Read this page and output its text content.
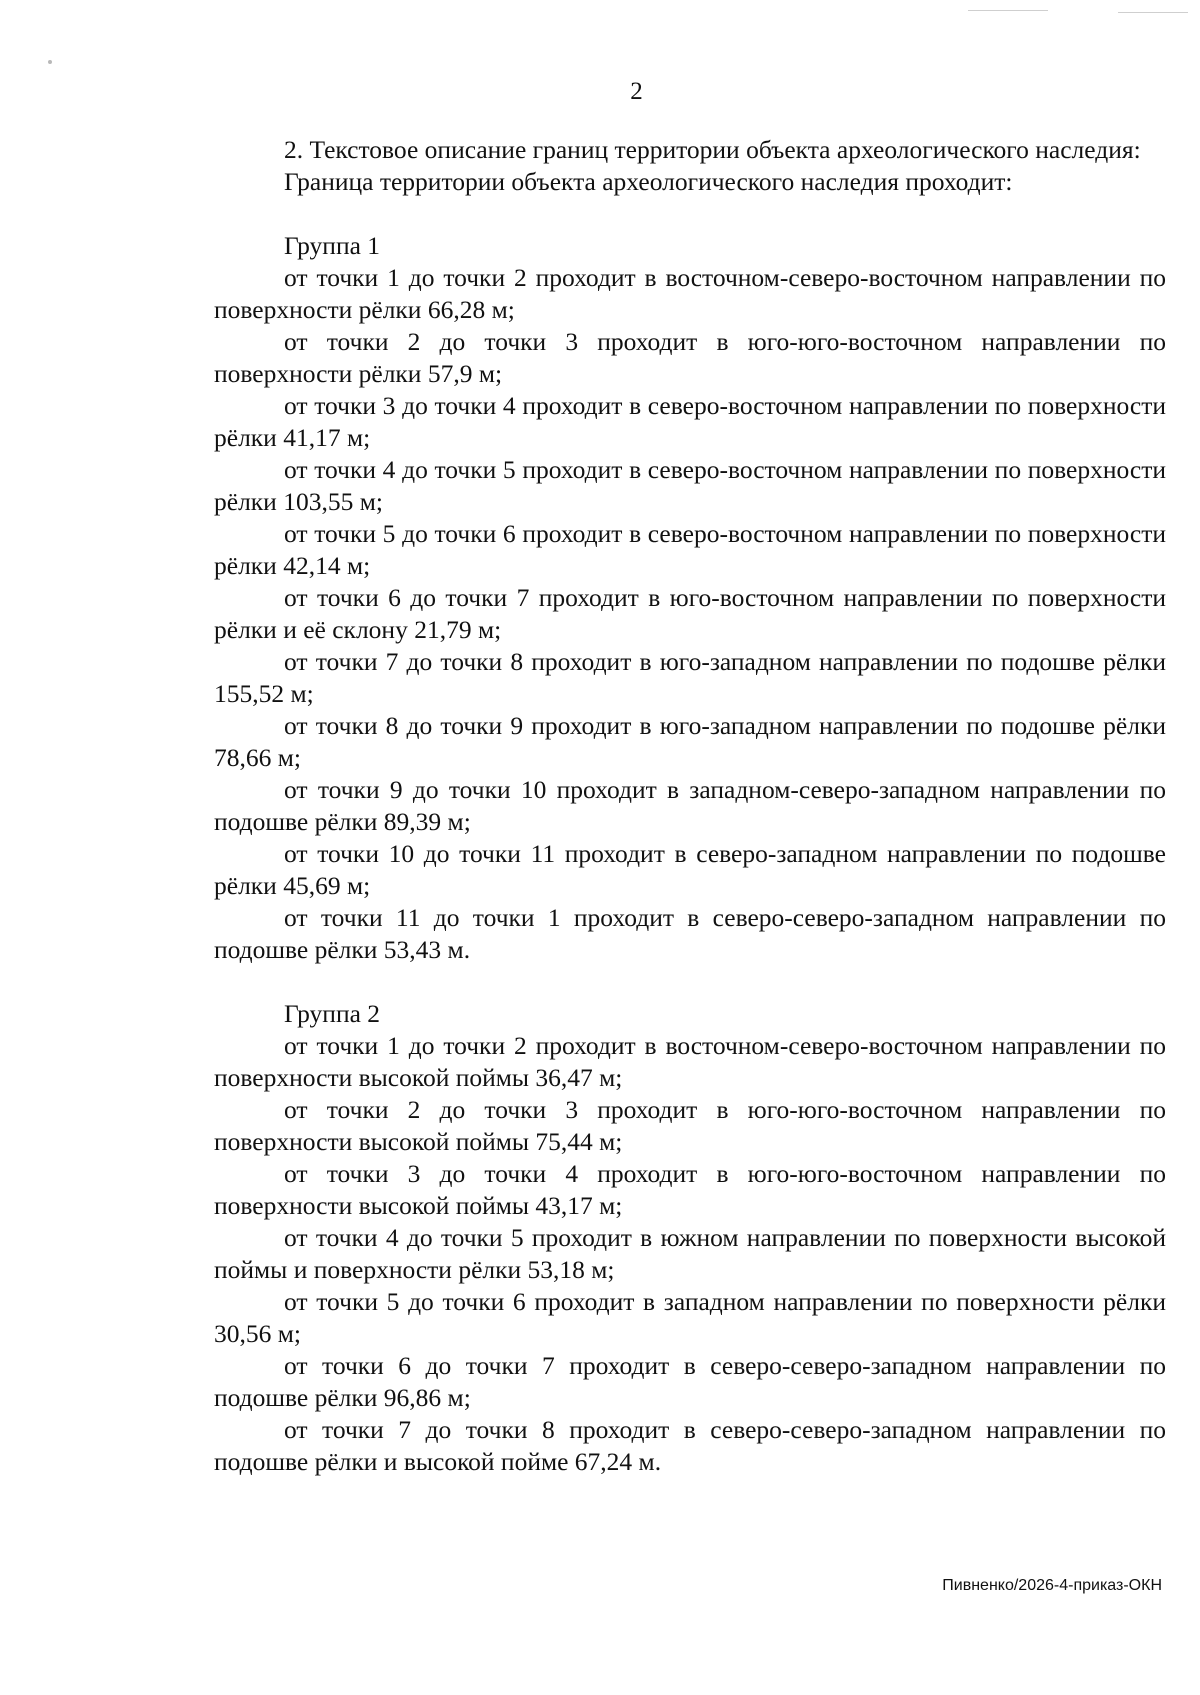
2

2. Текстовое описание границ территории объекта археологического наследия:

Граница территории объекта археологического наследия проходит:

Группа 1

от точки 1 до точки 2 проходит в восточном-северо-восточном направлении по поверхности рёлки 66,28 м;

от точки 2 до точки 3 проходит в юго-юго-восточном направлении по поверхности рёлки 57,9 м;

от точки 3 до точки 4 проходит в северо-восточном направлении по поверхности рёлки 41,17 м;

от точки 4 до точки 5 проходит в северо-восточном направлении по поверхности рёлки 103,55 м;

от точки 5 до точки 6 проходит в северо-восточном направлении по поверхности рёлки 42,14 м;

от точки 6 до точки 7 проходит в юго-восточном направлении по поверхности рёлки и её склону 21,79 м;

от точки 7 до точки 8 проходит в юго-западном направлении по подошве рёлки 155,52 м;

от точки 8 до точки 9 проходит в юго-западном направлении по подошве рёлки 78,66 м;

от точки 9 до точки 10 проходит в западном-северо-западном направлении по подошве рёлки 89,39 м;

от точки 10 до точки 11 проходит в северо-западном направлении по подошве рёлки 45,69 м;

от точки 11 до точки 1 проходит в северо-северо-западном направлении по подошве рёлки 53,43 м.

Группа 2

от точки 1 до точки 2 проходит в восточном-северо-восточном направлении по поверхности высокой поймы 36,47 м;

от точки 2 до точки 3 проходит в юго-юго-восточном направлении по поверхности высокой поймы 75,44 м;

от точки 3 до точки 4 проходит в юго-юго-восточном направлении по поверхности высокой поймы 43,17 м;

от точки 4 до точки 5 проходит в южном направлении по поверхности высокой поймы и поверхности рёлки 53,18 м;

от точки 5 до точки 6 проходит в западном направлении по поверхности рёлки 30,56 м;

от точки 6 до точки 7 проходит в северо-северо-западном направлении по подошве рёлки 96,86 м;

от точки 7 до точки 8 проходит в северо-северо-западном направлении по подошве рёлки и высокой пойме 67,24 м.

Пивненко/2026-4-приказ-ОКН
